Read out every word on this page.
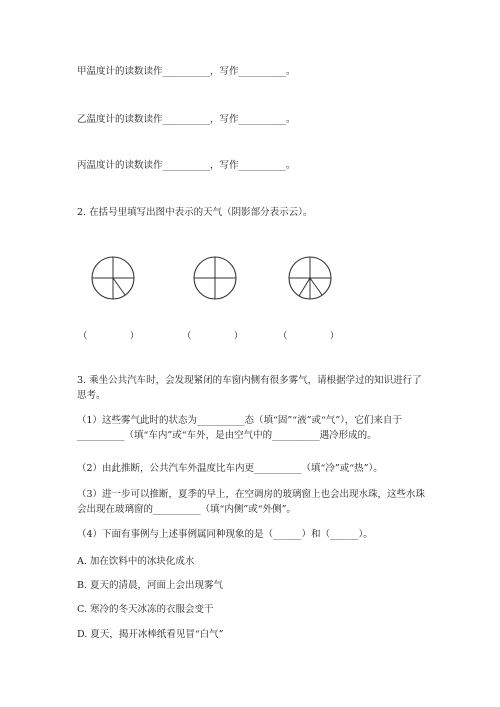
甲温度计的读数读作__________，写作__________。
乙温度计的读数读作__________，写作__________。
丙温度计的读数读作__________，写作__________。
2. 在括号里填写出图中表示的天气（阴影部分表示云）。
（              ）	（              ）	（              ）
3. 乘坐公共汽车时，会发现紧闭的车窗内侧有很多雾气，请根据学过的知识进行了思考。
（1）这些雾气此时的状态为__________态（填“固”“液”或“气”），它们来自于__________（填“车内”或“车外，是由空气中的__________遇冷形成的。
（2）由此推断，公共汽车外温度比车内更__________（填“冷”或“热”）。
（3）进一步可以推断，夏季的早上，在空调房的玻璃窗上也会出现水珠，这些水珠会出现在玻璃窗的__________（填“内侧”或“外侧”。
（4）下面有事例与上述事例属同种现象的是（______）和（______）。
A. 加在饮料中的冰块化成水
B. 夏天的清晨，河面上会出现雾气
C. 寒冷的冬天冰冻的衣服会变干
D. 夏天，揭开冰棒纸看见冒“白气”
